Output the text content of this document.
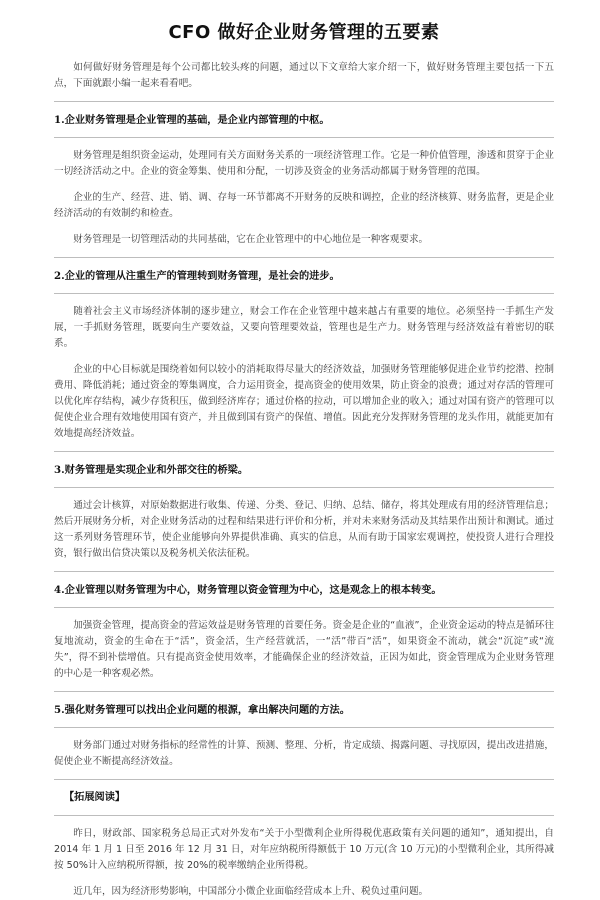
CFO 做好企业财务管理的五要素

如何做好财务管理是每个公司都比较头疼的问题，通过以下文章给大家介绍一下，做好财务管理主要包括一下五点，下面就跟小编一起来看看吧。

1.企业财务管理是企业管理的基础，是企业内部管理的中枢。

财务管理是组织资金运动，处理同有关方面财务关系的一项经济管理工作。它是一种价值管理，渗透和贯穿于企业一切经济活动之中。企业的资金筹集、使用和分配，一切涉及资金的业务活动都属于财务管理的范围。

企业的生产、经营、进、销、调、存每一环节都离不开财务的反映和调控，企业的经济核算、财务监督，更是企业经济活动的有效制约和检查。

财务管理是一切管理活动的共同基础，它在企业管理中的中心地位是一种客观要求。

2.企业的管理从注重生产的管理转到财务管理，是社会的进步。

随着社会主义市场经济体制的逐步建立，财会工作在企业管理中越来越占有重要的地位。必须坚持一手抓生产发展，一手抓财务管理，既要向生产要效益，又要向管理要效益，管理也是生产力。财务管理与经济效益有着密切的联系。

企业的中心目标就是围绕着如何以较小的消耗取得尽量大的经济效益，加强财务管理能够促进企业节约挖潜、控制费用、降低消耗；通过资金的筹集调度，合力运用资金，提高资金的使用效果，防止资金的浪费；通过对存活的管理可以优化库存结构，减少存货积压，做到经济库存；通过价格的拉动，可以增加企业的收入；通过对国有资产的管理可以促使企业合理有效地使用国有资产，并且做到国有资产的保值、增值。因此充分发挥财务管理的龙头作用，就能更加有效地提高经济效益。

3.财务管理是实现企业和外部交往的桥梁。

通过会计核算，对原始数据进行收集、传递、分类、登记、归纳、总结、储存，将其处理成有用的经济管理信息；然后开展财务分析，对企业财务活动的过程和结果进行评价和分析，并对未来财务活动及其结果作出预计和测试。通过这一系列财务管理环节，使企业能够向外界提供准确、真实的信息，从而有助于国家宏观调控，使投资人进行合理投资，银行做出信贷决策以及税务机关依法征税。

4.企业管理以财务管理为中心，财务管理以资金管理为中心，这是观念上的根本转变。

加强资金管理，提高资金的营运效益是财务管理的首要任务。资金是企业的“血液”，企业资金运动的特点是循环往复地流动，资金的生命在于“活”，资金活，生产经营就活，一“活”带百“活”，如果资金不流动，就会“沉淀”或“流失”，得不到补偿增值。只有提高资金使用效率，才能确保企业的经济效益，正因为如此，资金管理成为企业财务管理的中心是一种客观必然。

5.强化财务管理可以找出企业问题的根源，拿出解决问题的方法。

财务部门通过对财务指标的经常性的计算、预测、整理、分析，肯定成绩、揭露问题、寻找原因，提出改进措施，促使企业不断提高经济效益。

【拓展阅读】

昨日，财政部、国家税务总局正式对外发布“关于小型微利企业所得税优惠政策有关问题的通知”，通知提出，自 2014 年 1 月 1 日至 2016 年 12 月 31 日，对年应纳税所得额低于 10 万元(含 10 万元)的小型微利企业，其所得减按 50%计入应纳税所得额，按 20%的税率缴纳企业所得税。

近几年，因为经济形势影响，中国部分小微企业面临经营成本上升、税负过重问题。
